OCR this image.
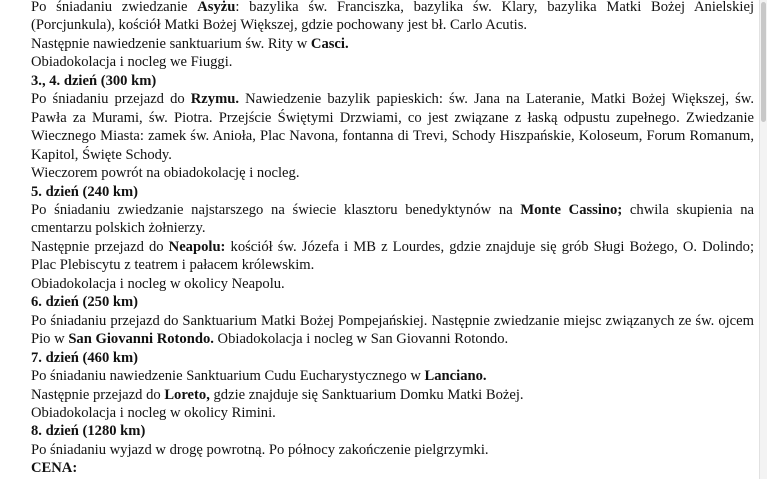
Po śniadaniu zwiedzanie Asyżu: bazylika św. Franciszka, bazylika św. Klary, bazylika Matki Bożej Anielskiej (Porcjunkula), kościół Matki Bożej Większej, gdzie pochowany jest bł. Carlo Acutis.
Następnie nawiedzenie sanktuarium św. Rity w Casci.
Obiadokolacja i nocleg we Fiuggi.
3., 4. dzień (300 km)
Po śniadaniu przejazd do Rzymu. Nawiedzenie bazylik papieskich: św. Jana na Lateranie, Matki Bożej Większej, św. Pawła za Murami, św. Piotra. Przejście Świętymi Drzwiami, co jest związane z łaską odpustu zupełnego. Zwiedzanie Wiecznego Miasta: zamek św. Anioła, Plac Navona, fontanna di Trevi, Schody Hiszpańskie, Koloseum, Forum Romanum, Kapitol, Święte Schody.
Wieczorem powrót na obiadokolację i nocleg.
5. dzień (240 km)
Po śniadaniu zwiedzanie najstarszego na świecie klasztoru benedyktynów na Monte Cassino; chwila skupienia na cmentarzu polskich żołnierzy.
Następnie przejazd do Neapolu: kościół św. Józefa i MB z Lourdes, gdzie znajduje się grób Sługi Bożego, O. Dolindo; Plac Plebiscytu z teatrem i pałacem królewskim.
Obiadokolacja i nocleg w okolicy Neapolu.
6. dzień (250 km)
Po śniadaniu przejazd do Sanktuarium Matki Bożej Pompejańskiej. Następnie zwiedzanie miejsc związanych ze św. ojcem Pio w San Giovanni Rotondo. Obiadokolacja i nocleg w San Giovanni Rotondo.
7. dzień (460 km)
Po śniadaniu nawiedzenie Sanktuarium Cudu Eucharystycznego w Lanciano.
Następnie przejazd do Loreto, gdzie znajduje się Sanktuarium Domku Matki Bożej.
Obiadokolacja i nocleg w okolicy Rimini.
8. dzień (1280 km)
Po śniadaniu wyjazd w drogę powrotną. Po północy zakończenie pielgrzymki.
CENA:
